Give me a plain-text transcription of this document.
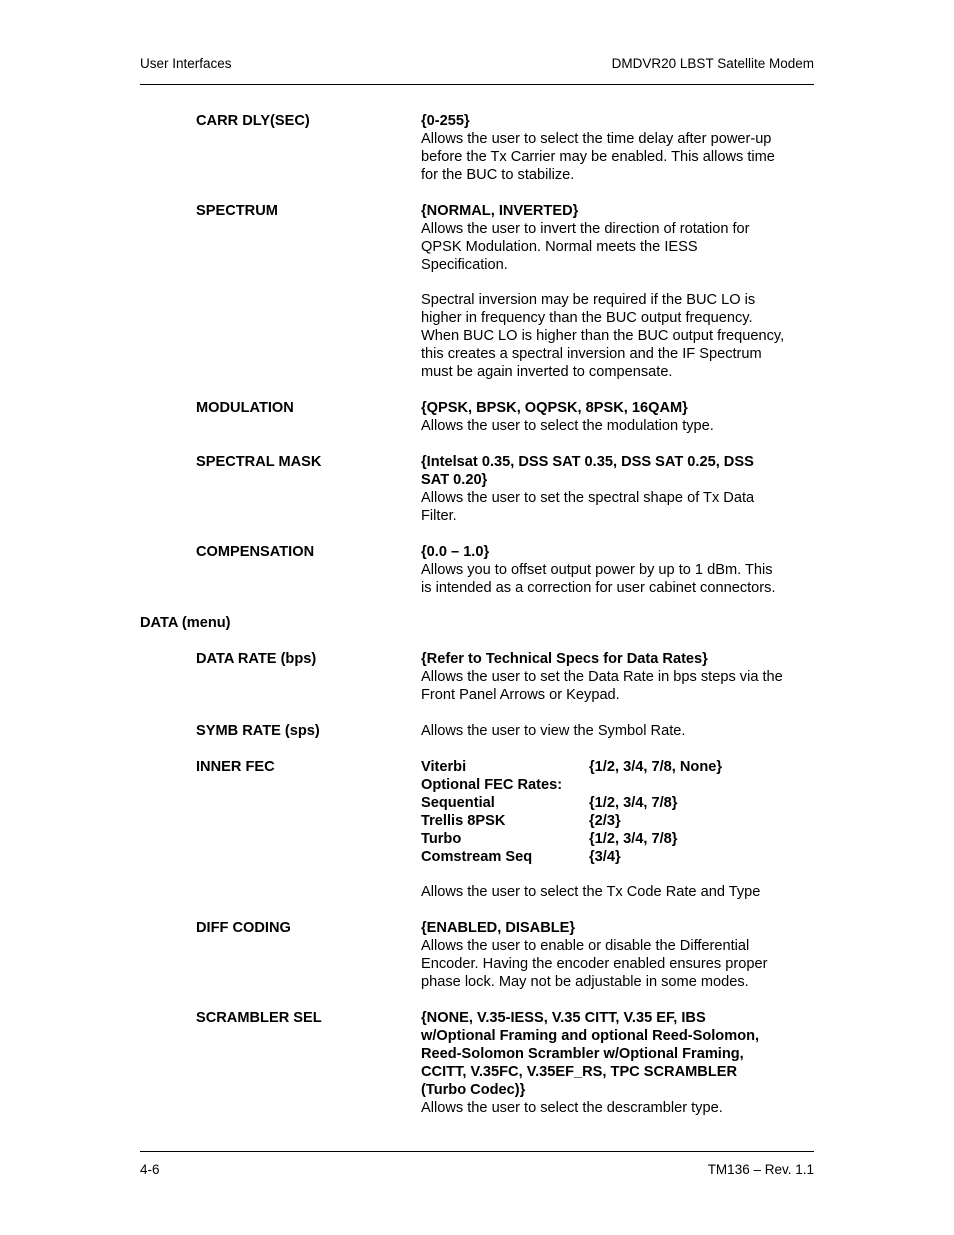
User Interfaces	DMDVR20 LBST Satellite Modem
CARR DLY(SEC)	{0-255}
Allows the user to select the time delay after power-up
before the Tx Carrier may be enabled. This allows time
for the BUC to stabilize.
SPECTRUM	{NORMAL, INVERTED}
Allows the user to invert the direction of rotation for
QPSK Modulation. Normal meets the IESS
Specification.
Spectral inversion may be required if the BUC LO is
higher in frequency than the BUC output frequency.
When BUC LO is higher than the BUC output frequency,
this creates a spectral inversion and the IF Spectrum
must be again inverted to compensate.
MODULATION	{QPSK, BPSK, OQPSK, 8PSK, 16QAM}
Allows the user to select the modulation type.
SPECTRAL MASK	{Intelsat 0.35, DSS SAT 0.35, DSS SAT 0.25, DSS
SAT 0.20}
Allows the user to set the spectral shape of Tx Data
Filter.
COMPENSATION	{0.0 – 1.0}
Allows you to offset output power by up to 1 dBm. This
is intended as a correction for user cabinet connectors.
DATA (menu)
DATA RATE (bps)	{Refer to Technical Specs for Data Rates}
Allows the user to set the Data Rate in bps steps via the
Front Panel Arrows or Keypad.
SYMB RATE (sps)	Allows the user to view the Symbol Rate.
INNER FEC	Viterbi	{1/2, 3/4, 7/8, None}
Optional FEC Rates:
Sequential	{1/2, 3/4, 7/8}
Trellis 8PSK	{2/3}
Turbo	{1/2, 3/4, 7/8}
Comstream Seq	{3/4}
Allows the user to select the Tx Code Rate and Type
DIFF CODING	{ENABLED, DISABLE}
Allows the user to enable or disable the Differential
Encoder. Having the encoder enabled ensures proper
phase lock. May not be adjustable in some modes.
SCRAMBLER SEL	{NONE, V.35-IESS, V.35 CITT, V.35 EF, IBS
w/Optional Framing and optional Reed-Solomon,
Reed-Solomon Scrambler w/Optional Framing,
CCITT, V.35FC, V.35EF_RS, TPC SCRAMBLER
(Turbo Codec)}
Allows the user to select the descrambler type.
4-6	TM136 – Rev. 1.1
